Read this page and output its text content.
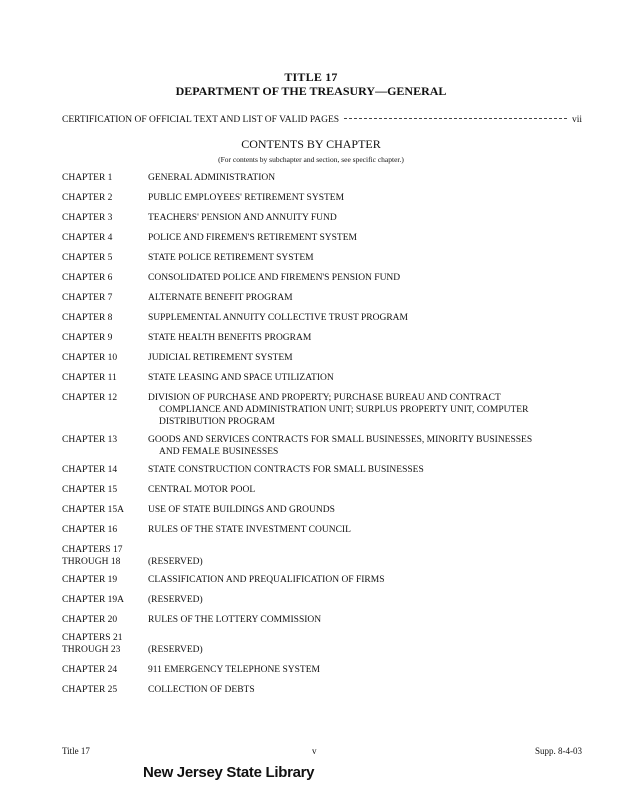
TITLE 17
DEPARTMENT OF THE TREASURY—GENERAL
CERTIFICATION OF OFFICIAL TEXT AND LIST OF VALID PAGES	vii
CONTENTS BY CHAPTER
(For contents by subchapter and section, see specific chapter.)
CHAPTER 1	GENERAL ADMINISTRATION
CHAPTER 2	PUBLIC EMPLOYEES' RETIREMENT SYSTEM
CHAPTER 3	TEACHERS' PENSION AND ANNUITY FUND
CHAPTER 4	POLICE AND FIREMEN'S RETIREMENT SYSTEM
CHAPTER 5	STATE POLICE RETIREMENT SYSTEM
CHAPTER 6	CONSOLIDATED POLICE AND FIREMEN'S PENSION FUND
CHAPTER 7	ALTERNATE BENEFIT PROGRAM
CHAPTER 8	SUPPLEMENTAL ANNUITY COLLECTIVE TRUST PROGRAM
CHAPTER 9	STATE HEALTH BENEFITS PROGRAM
CHAPTER 10	JUDICIAL RETIREMENT SYSTEM
CHAPTER 11	STATE LEASING AND SPACE UTILIZATION
CHAPTER 12	DIVISION OF PURCHASE AND PROPERTY; PURCHASE BUREAU AND CONTRACT
COMPLIANCE AND ADMINISTRATION UNIT; SURPLUS PROPERTY UNIT, COMPUTER
DISTRIBUTION PROGRAM
CHAPTER 13	GOODS AND SERVICES CONTRACTS FOR SMALL BUSINESSES, MINORITY BUSINESSES
AND FEMALE BUSINESSES
CHAPTER 14	STATE CONSTRUCTION CONTRACTS FOR SMALL BUSINESSES
CHAPTER 15	CENTRAL MOTOR POOL
CHAPTER 15A	USE OF STATE BUILDINGS AND GROUNDS
CHAPTER 16	RULES OF THE STATE INVESTMENT COUNCIL
CHAPTERS 17
THROUGH 18
	(RESERVED)
CHAPTER 19	CLASSIFICATION AND PREQUALIFICATION OF FIRMS
CHAPTER 19A	(RESERVED)
CHAPTER 20	RULES OF THE LOTTERY COMMISSION
CHAPTERS 21
THROUGH 23
	(RESERVED)
CHAPTER 24	911 EMERGENCY TELEPHONE SYSTEM
CHAPTER 25	COLLECTION OF DEBTS
Title 17	v	Supp. 8-4-03
New Jersey State Library
